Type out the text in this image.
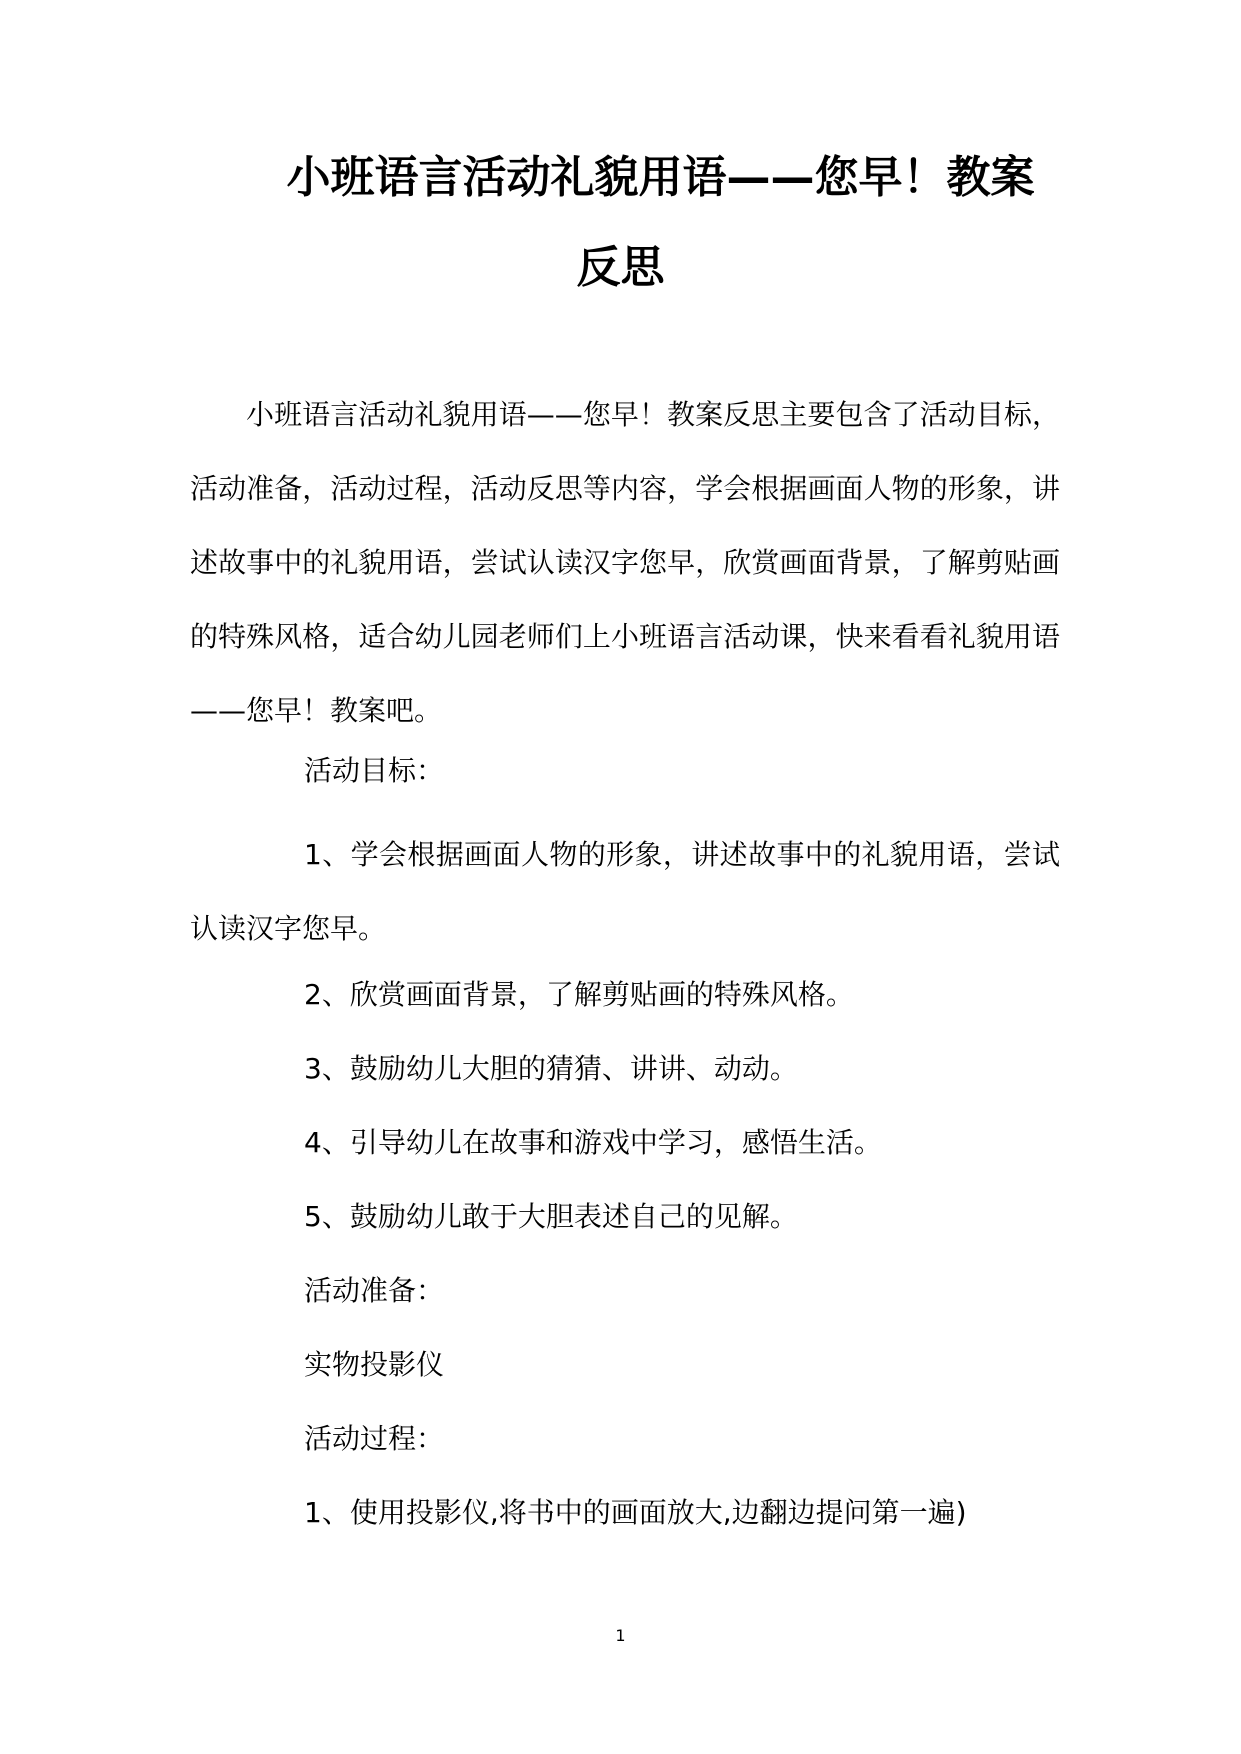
小班语言活动礼貌用语——您早！教案
反思

小班语言活动礼貌用语——您早！教案反思主要包含了活动目标，活动准备，活动过程，活动反思等内容，学会根据画面人物的形象，讲述故事中的礼貌用语，尝试认读汉字您早，欣赏画面背景，了解剪贴画的特殊风格，适合幼儿园老师们上小班语言活动课，快来看看礼貌用语——您早！教案吧。

活动目标：

1、学会根据画面人物的形象，讲述故事中的礼貌用语，尝试认读汉字您早。

2、欣赏画面背景，了解剪贴画的特殊风格。

3、鼓励幼儿大胆的猜猜、讲讲、动动。

4、引导幼儿在故事和游戏中学习，感悟生活。

5、鼓励幼儿敢于大胆表述自己的见解。

活动准备：

实物投影仪

活动过程：

1、使用投影仪,将书中的画面放大,边翻边提问第一遍)

1
